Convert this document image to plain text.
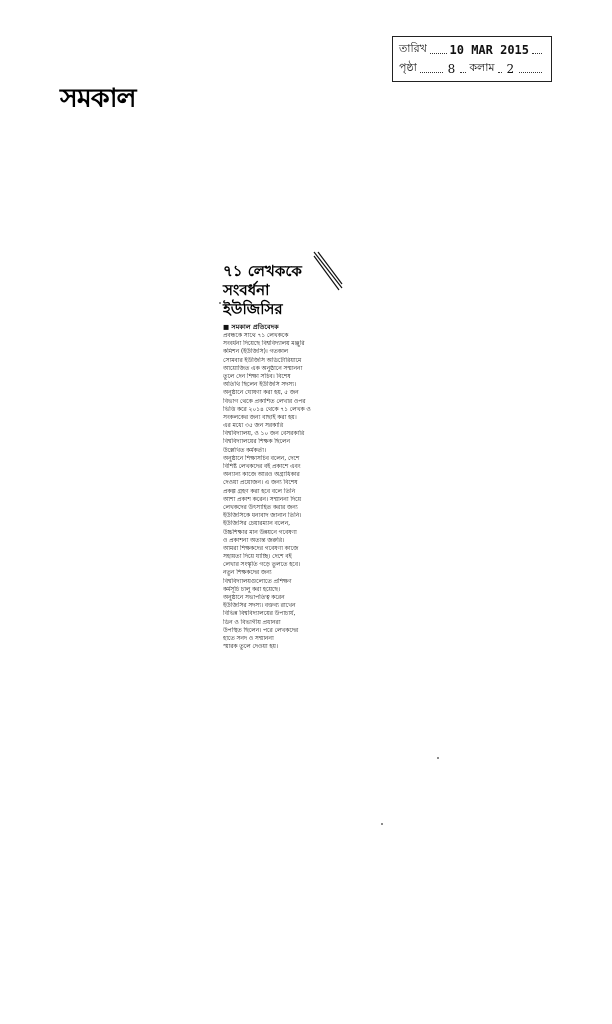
সমকাল
তারিখ 10 MAR 2015
পৃষ্ঠা	8 কলাম 2
৭১ লেখককে
সংবর্ধনা
ইউজিসির
■ সমকাল প্রতিবেদক
প্রবন্ধকে সাথে ৭১ লেখককে
সংবর্ধনা দিয়েছে বিশ্ববিদ্যালয় মঞ্জুরি
কমিশন (ইউজিসি)। গতকাল
সোমবার ইউজিসি অডিটোরিয়ামে
আয়োজিত এক অনুষ্ঠানে সম্মাননা
তুলে দেন শিক্ষা সচিব। বিশেষ
অতিথি ছিলেন ইউজিসি সদস্য।
অনুষ্ঠানে ঘোষণা করা হয়, ৫ জন
বিভাগ থেকে প্রকাশিত লেখার ওপর
ভিত্তি করে ২০১৪ থেকে ৭১ লেখক ও
সংকলকের জন্য বাছাই করা হয়।
এর মধ্যে ৩৫ জন সরকারি
বিশ্ববিদ্যালয়, ও ১০ জন বেসরকারি
বিশ্ববিদ্যালয়ের শিক্ষক ছিলেন
উল্লেখিত কর্মকর্তা।
অনুষ্ঠানে শিক্ষাসচিব বলেন, দেশে
বিশিষ্ট লেখকদের বই প্রকাশে এবং
অন্যান্য কাজে আরও অগ্রাধিকার
দেওয়া প্রয়োজন। এ জন্য বিশেষ
প্রকল্প গ্রহণ করা হবে বলে তিনি
আশা প্রকাশ করেন। সম্মাননা দিয়ে
লেখকদের উৎসাহিত করার জন্য
ইউজিসিকে ধন্যবাদ জানান তিনি।
ইউজিসির চেয়ারম্যান বলেন,
উচ্চশিক্ষার মান উন্নয়নে গবেষণা
ও প্রকাশনা অত্যন্ত জরুরি।
আমরা শিক্ষকদের গবেষণা কাজে
সহায়তা দিয়ে যাচ্ছি। দেশে বই
লেখার সংস্কৃতি গড়ে তুলতে হবে।
নতুন শিক্ষকদের জন্য
বিশ্ববিদ্যালয়গুলোতে প্রশিক্ষণ
কর্মসূচি চালু করা হয়েছে।
অনুষ্ঠানে সভাপতিত্ব করেন
ইউজিসির সদস্য। বক্তব্য রাখেন
বিভিন্ন বিশ্ববিদ্যালয়ের উপাচার্য,
ডিন ও বিভাগীয় প্রধানরা
উপস্থিত ছিলেন। পরে লেখকদের
হাতে সনদ ও সম্মাননা
স্মারক তুলে দেওয়া হয়।
